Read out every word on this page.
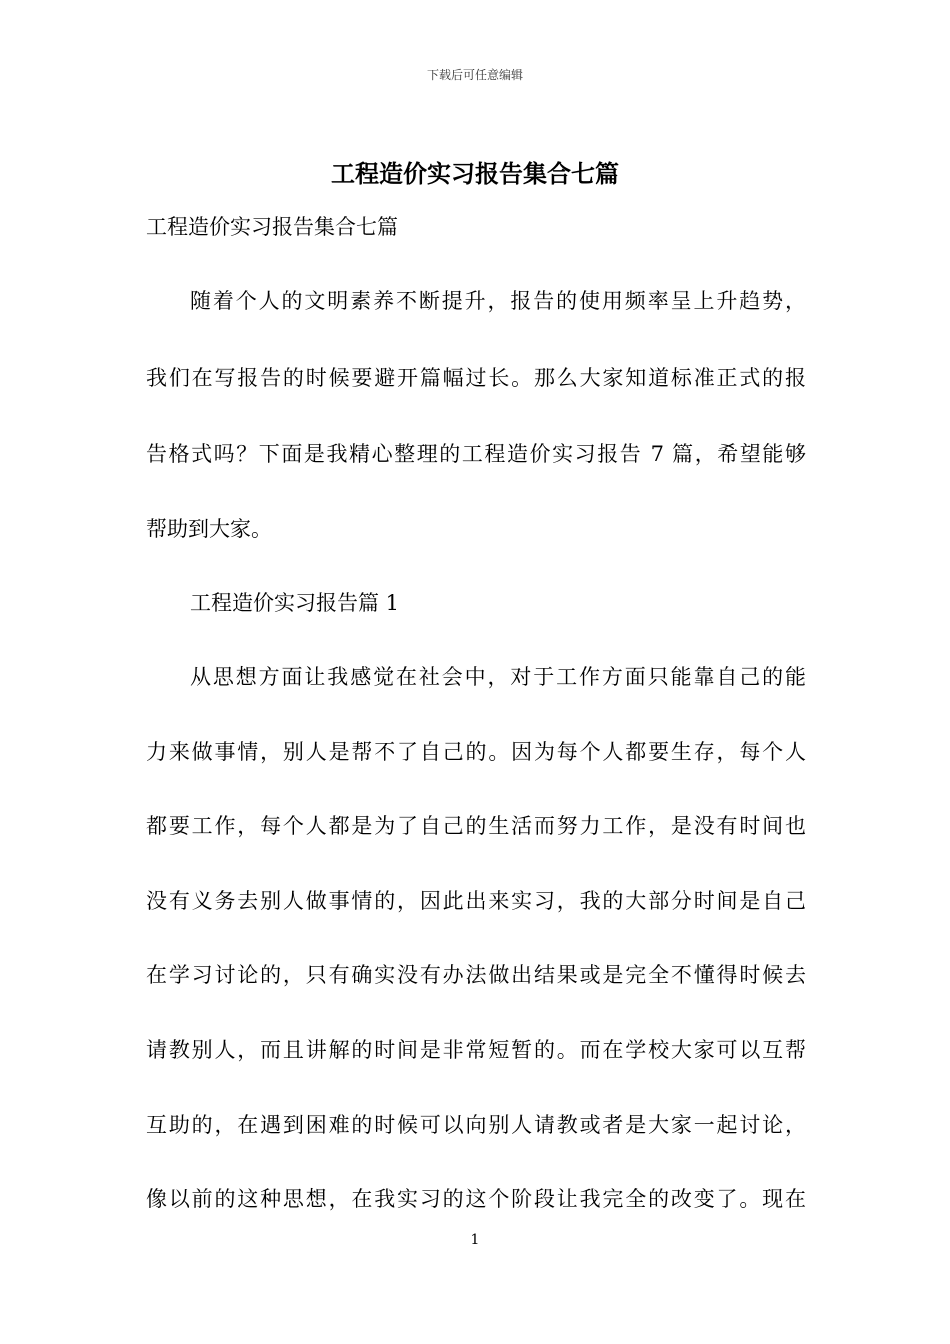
下载后可任意编辑
工程造价实习报告集合七篇
工程造价实习报告集合七篇
随着个人的文明素养不断提升，报告的使用频率呈上升趋势，
我们在写报告的时候要避开篇幅过长。那么大家知道标准正式的报
告格式吗？下面是我精心整理的工程造价实习报告 7 篇，希望能够
帮助到大家。
工程造价实习报告篇 1
从思想方面让我感觉在社会中，对于工作方面只能靠自己的能
力来做事情，别人是帮不了自己的。因为每个人都要生存，每个人
都要工作，每个人都是为了自己的生活而努力工作，是没有时间也
没有义务去别人做事情的，因此出来实习，我的大部分时间是自己
在学习讨论的，只有确实没有办法做出结果或是完全不懂得时候去
请教别人，而且讲解的时间是非常短暂的。而在学校大家可以互帮
互助的，在遇到困难的时候可以向别人请教或者是大家一起讨论，
像以前的这种思想，在我实习的这个阶段让我完全的改变了。现在
1
